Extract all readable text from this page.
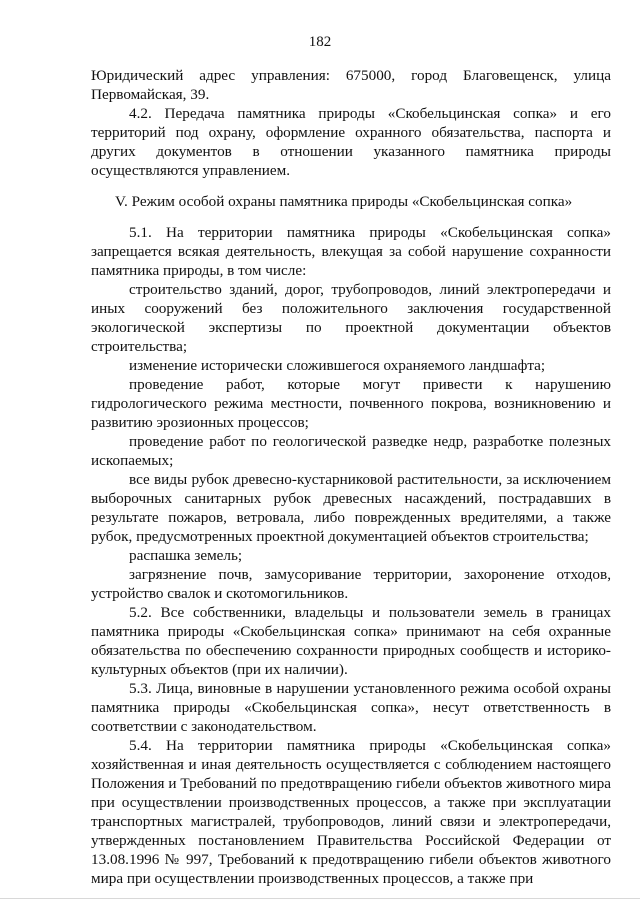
182

Юридический адрес управления: 675000, город Благовещенск, улица Первомайская, 39.

4.2. Передача памятника природы «Скобельцинская сопка» и его территорий под охрану, оформление охранного обязательства, паспорта и других документов в отношении указанного памятника природы осуществляются управлением.

V. Режим особой охраны памятника природы «Скобельцинская сопка»

5.1. На территории памятника природы «Скобельцинская сопка» запрещается всякая деятельность, влекущая за собой нарушение сохранности памятника природы, в том числе:

строительство зданий, дорог, трубопроводов, линий электропередачи и иных сооружений без положительного заключения государственной экологической экспертизы по проектной документации объектов строительства;

изменение исторически сложившегося охраняемого ландшафта;

проведение работ, которые могут привести к нарушению гидрологического режима местности, почвенного покрова, возникновению и развитию эрозионных процессов;

проведение работ по геологической разведке недр, разработке полезных ископаемых;

все виды рубок древесно-кустарниковой растительности, за исключением выборочных санитарных рубок древесных насаждений, пострадавших в результате пожаров, ветровала, либо поврежденных вредителями, а также рубок, предусмотренных проектной документацией объектов строительства;

распашка земель;

загрязнение почв, замусоривание территории, захоронение отходов, устройство свалок и скотомогильников.

5.2. Все собственники, владельцы и пользователи земель в границах памятника природы «Скобельцинская сопка» принимают на себя охранные обязательства по обеспечению сохранности природных сообществ и историко-культурных объектов (при их наличии).

5.3. Лица, виновные в нарушении установленного режима особой охраны памятника природы «Скобельцинская сопка», несут ответственность в соответствии с законодательством.

5.4. На территории памятника природы «Скобельцинская сопка» хозяйственная и иная деятельность осуществляется с соблюдением настоящего Положения и Требований по предотвращению гибели объектов животного мира при осуществлении производственных процессов, а также при эксплуатации транспортных магистралей, трубопроводов, линий связи и электропередачи, утвержденных постановлением Правительства Российской Федерации от 13.08.1996 № 997, Требований к предотвращению гибели объектов животного мира при осуществлении производственных процессов, а также при
